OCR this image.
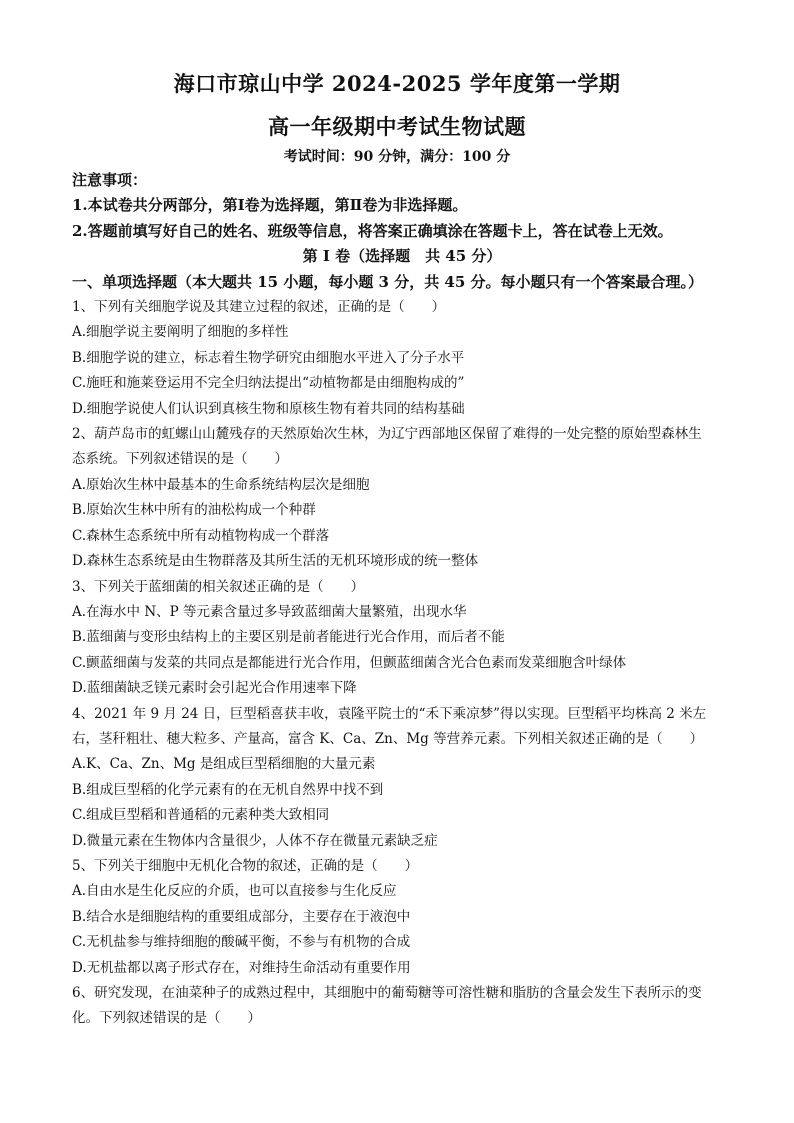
海口市琼山中学 2024-2025 学年度第一学期
高一年级期中考试生物试题
考试时间：90 分钟，满分：100 分

注意事项：

1.本试卷共分两部分，第Ⅰ卷为选择题，第Ⅱ卷为非选择题。

2.答题前填写好自己的姓名、班级等信息，将答案正确填涂在答题卡上，答在试卷上无效。

第 I 卷（选择题　共 45 分）

一、单项选择题（本大题共 15 小题，每小题 3 分，共 45 分。每小题只有一个答案最合理。）

1、下列有关细胞学说及其建立过程的叙述，正确的是（　　）

A.细胞学说主要阐明了细胞的多样性

B.细胞学说的建立，标志着生物学研究由细胞水平进入了分子水平

C.施旺和施莱登运用不完全归纳法提出“动植物都是由细胞构成的”

D.细胞学说使人们认识到真核生物和原核生物有着共同的结构基础

2、葫芦岛市的虹螺山山麓残存的天然原始次生林，为辽宁西部地区保留了难得的一处完整的原始型森林生

态系统。下列叙述错误的是（　　）

A.原始次生林中最基本的生命系统结构层次是细胞

B.原始次生林中所有的油松构成一个种群

C.森林生态系统中所有动植物构成一个群落

D.森林生态系统是由生物群落及其所生活的无机环境形成的统一整体

3、下列关于蓝细菌的相关叙述正确的是（　　）

A.在海水中 N、P 等元素含量过多导致蓝细菌大量繁殖，出现水华

B.蓝细菌与变形虫结构上的主要区别是前者能进行光合作用，而后者不能

C.颤蓝细菌与发菜的共同点是都能进行光合作用，但颤蓝细菌含光合色素而发菜细胞含叶绿体

D.蓝细菌缺乏镁元素时会引起光合作用速率下降

4、2021 年 9 月 24 日，巨型稻喜获丰收，袁隆平院士的“禾下乘凉梦”得以实现。巨型稻平均株高 2 米左

右，茎秆粗壮、穗大粒多、产量高，富含 K、Ca、Zn、Mg 等营养元素。下列相关叙述正确的是（　　）

A.K、Ca、Zn、Mg 是组成巨型稻细胞的大量元素

B.组成巨型稻的化学元素有的在无机自然界中找不到

C.组成巨型稻和普通稻的元素种类大致相同

D.微量元素在生物体内含量很少，人体不存在微量元素缺乏症

5、下列关于细胞中无机化合物的叙述，正确的是（　　）

A.自由水是生化反应的介质，也可以直接参与生化反应

B.结合水是细胞结构的重要组成部分，主要存在于液泡中

C.无机盐参与维持细胞的酸碱平衡，不参与有机物的合成

D.无机盐都以离子形式存在，对维持生命活动有重要作用

6、研究发现，在油菜种子的成熟过程中，其细胞中的葡萄糖等可溶性糖和脂肪的含量会发生下表所示的变

化。下列叙述错误的是（　　）
